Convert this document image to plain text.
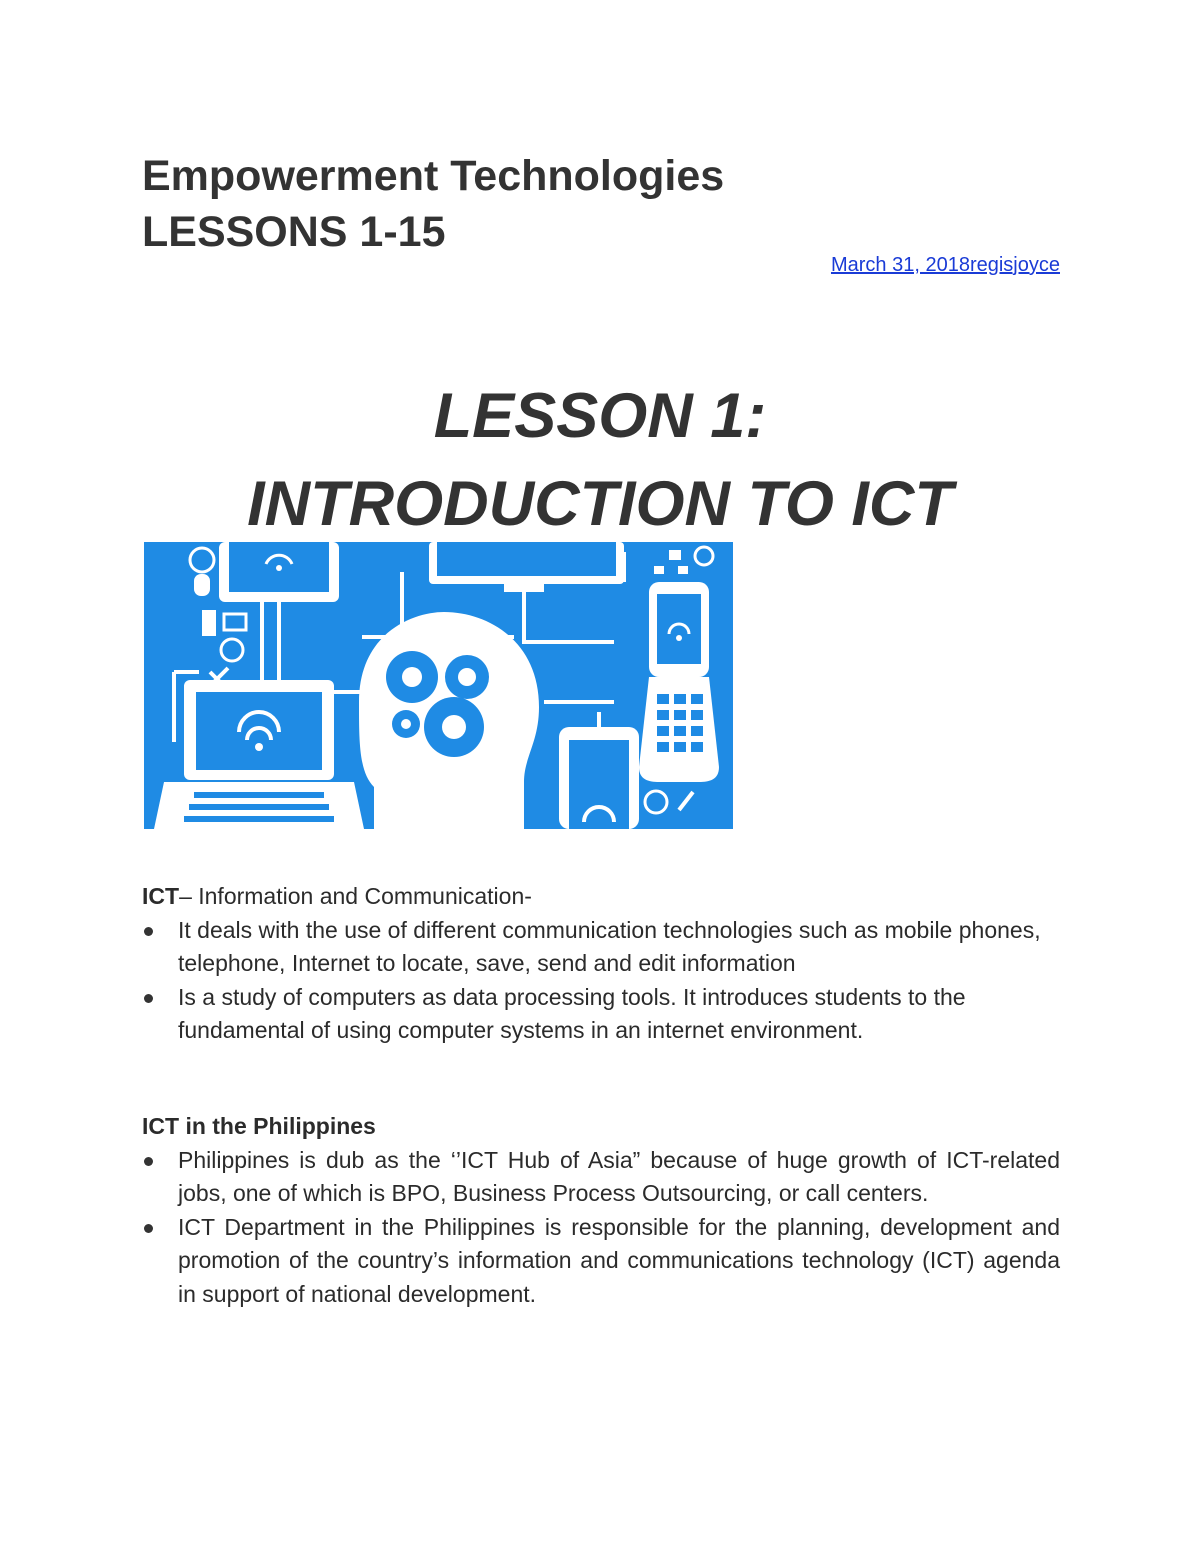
Empowerment Technologies
LESSONS 1-15
March 31, 2018regisjoyce
LESSON 1:
INTRODUCTION TO ICT

ICT– Information and Communication-

It deals with the use of different communication technologies such as mobile phones, telephone, Internet to locate, save, send and edit information
Is a study of computers as data processing tools. It introduces students to the fundamental of using computer systems in an internet environment.

ICT in the Philippines

Philippines is dub as the ‘’ICT Hub of Asia” because of huge growth of ICT-related jobs, one of which is BPO, Business Process Outsourcing, or call centers.
ICT Department in the Philippines is responsible for the planning, development and promotion of the country’s information and communications technology (ICT) agenda in support of national development.
